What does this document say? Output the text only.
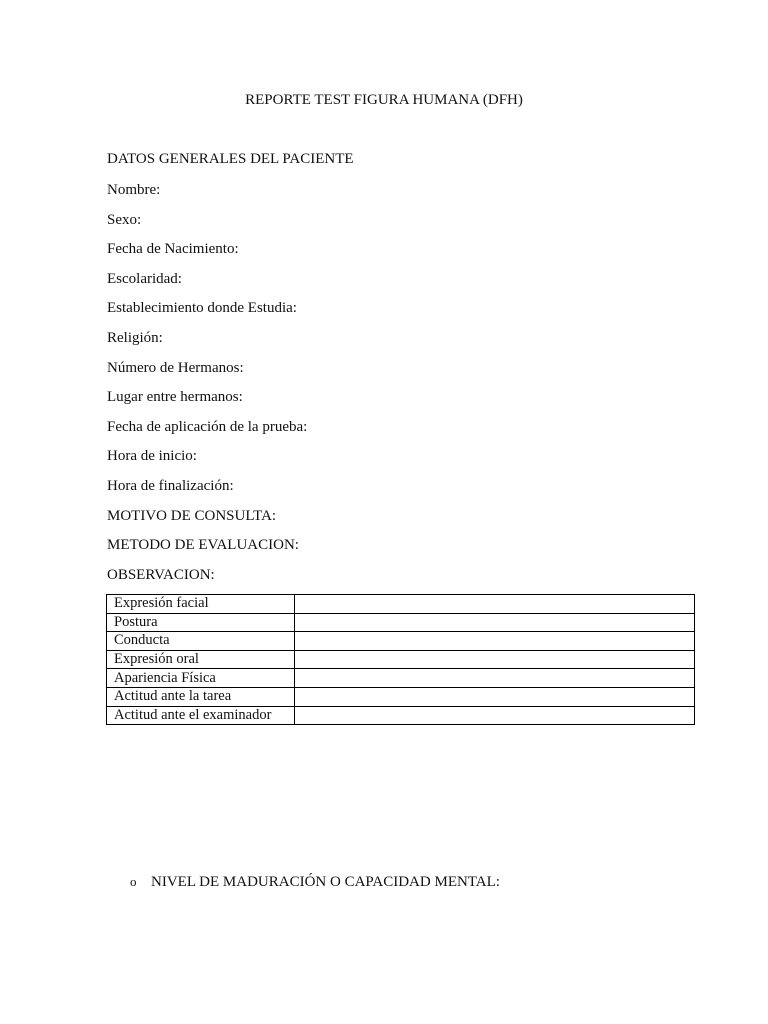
REPORTE TEST FIGURA HUMANA (DFH)
DATOS GENERALES DEL PACIENTE
Nombre:
Sexo:
Fecha de Nacimiento:
Escolaridad:
Establecimiento donde Estudia:
Religión:
Número de Hermanos:
Lugar entre hermanos:
Fecha de aplicación de la prueba:
Hora de inicio:
Hora de finalización:
MOTIVO DE CONSULTA:
METODO DE EVALUACION:
OBSERVACION:
Expresión facial	
Postura	
Conducta	
Expresión oral	
Apariencia Física	
Actitud ante la tarea	
Actitud ante el examinador	
o NIVEL DE MADURACIÓN O CAPACIDAD MENTAL:
